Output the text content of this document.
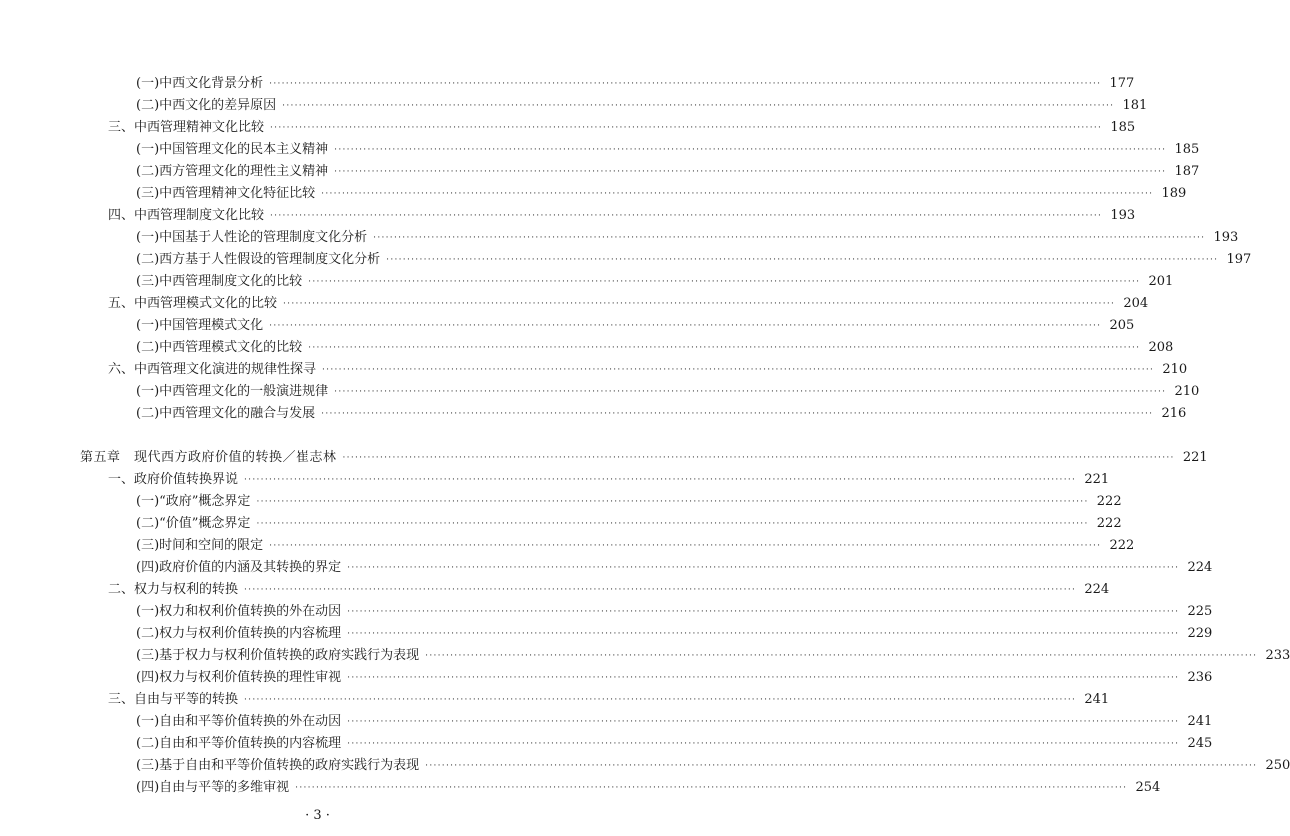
(一)中西文化背景分析 ········································································································································································································ 177
(二)中西文化的差异原因 ········································································································································································································ 181
三、中西管理精神文化比较 ········································································································································································································ 185
(一)中国管理文化的民本主义精神 ········································································································································································································ 185
(二)西方管理文化的理性主义精神 ········································································································································································································ 187
(三)中西管理精神文化特征比较 ········································································································································································································ 189
四、中西管理制度文化比较 ········································································································································································································ 193
(一)中国基于人性论的管理制度文化分析 ········································································································································································································ 193
(二)西方基于人性假设的管理制度文化分析 ········································································································································································································ 197
(三)中西管理制度文化的比较 ········································································································································································································ 201
五、中西管理模式文化的比较 ········································································································································································································ 204
(一)中国管理模式文化 ········································································································································································································ 205
(二)中西管理模式文化的比较 ········································································································································································································ 208
六、中西管理文化演进的规律性探寻 ········································································································································································································ 210
(一)中西管理文化的一般演进规律 ········································································································································································································ 210
(二)中西管理文化的融合与发展 ········································································································································································································ 216
第五章　现代西方政府价值的转换／崔志林 ········································································································································································································ 221
一、政府价值转换界说 ········································································································································································································ 221
(一)“政府”概念界定 ········································································································································································································ 222
(二)“价值”概念界定 ········································································································································································································ 222
(三)时间和空间的限定 ········································································································································································································ 222
(四)政府价值的内涵及其转换的界定 ········································································································································································································ 224
二、权力与权利的转换 ········································································································································································································ 224
(一)权力和权利价值转换的外在动因 ········································································································································································································ 225
(二)权力与权利价值转换的内容梳理 ········································································································································································································ 229
(三)基于权力与权利价值转换的政府实践行为表现 ········································································································································································································ 233
(四)权力与权利价值转换的理性审视 ········································································································································································································ 236
三、自由与平等的转换 ········································································································································································································ 241
(一)自由和平等价值转换的外在动因 ········································································································································································································ 241
(二)自由和平等价值转换的内容梳理 ········································································································································································································ 245
(三)基于自由和平等价值转换的政府实践行为表现 ········································································································································································································ 250
(四)自由与平等的多维审视 ········································································································································································································ 254
· 3 ·
